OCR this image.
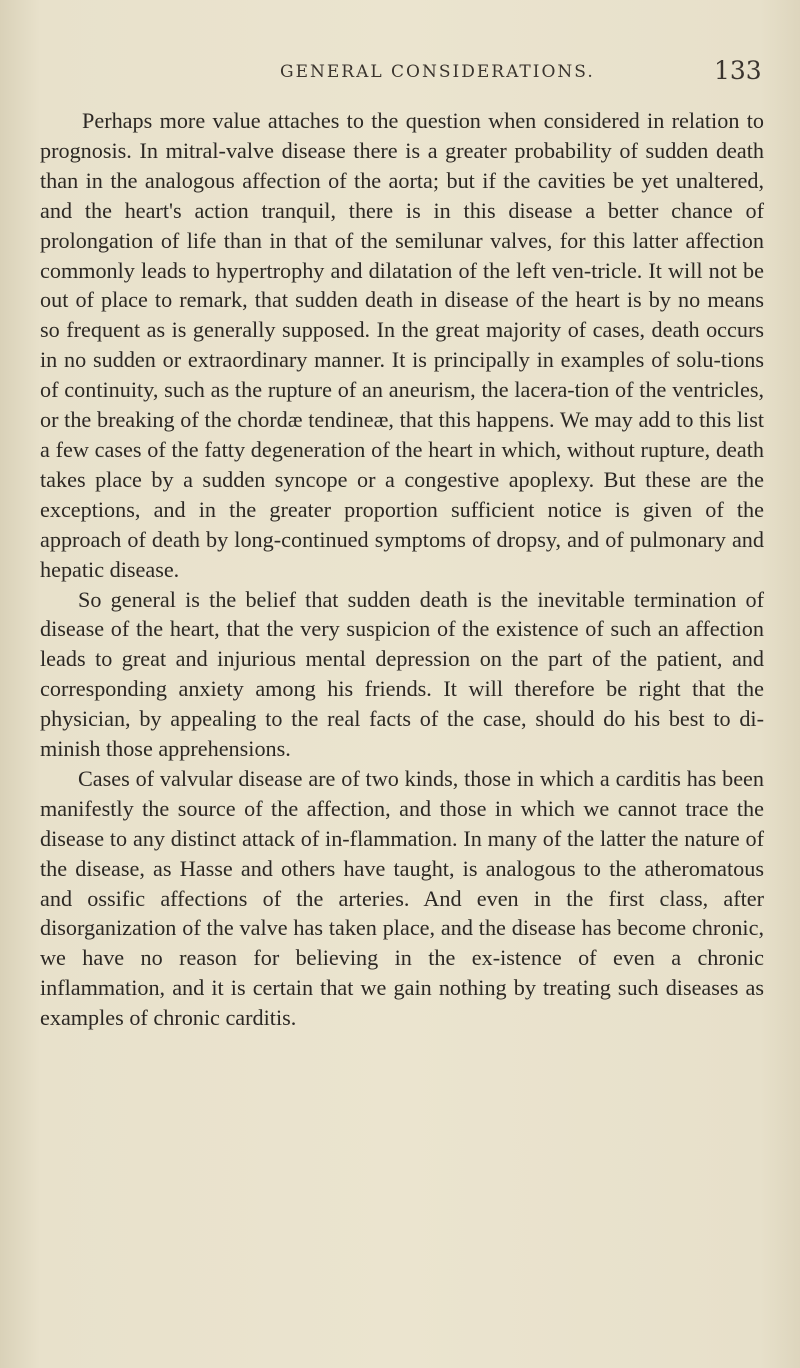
GENERAL CONSIDERATIONS.	133

Perhaps more value attaches to the question when considered in relation to prognosis. In mitral-valve disease there is a greater probability of sudden death than in the analogous affection of the aorta; but if the cavities be yet unaltered, and the heart's action tranquil, there is in this disease a better chance of prolongation of life than in that of the semilunar valves, for this latter affection commonly leads to hypertrophy and dilatation of the left ven-tricle. It will not be out of place to remark, that sudden death in disease of the heart is by no means so frequent as is generally supposed. In the great majority of cases, death occurs in no sudden or extraordinary manner. It is principally in examples of solu-tions of continuity, such as the rupture of an aneurism, the lacera-tion of the ventricles, or the breaking of the chordæ tendineæ, that this happens. We may add to this list a few cases of the fatty degeneration of the heart in which, without rupture, death takes place by a sudden syncope or a congestive apoplexy. But these are the exceptions, and in the greater proportion sufficient notice is given of the approach of death by long-continued symptoms of dropsy, and of pulmonary and hepatic disease.

So general is the belief that sudden death is the inevitable termination of disease of the heart, that the very suspicion of the existence of such an affection leads to great and injurious mental depression on the part of the patient, and corresponding anxiety among his friends. It will therefore be right that the physician, by appealing to the real facts of the case, should do his best to di-minish those apprehensions.

Cases of valvular disease are of two kinds, those in which a carditis has been manifestly the source of the affection, and those in which we cannot trace the disease to any distinct attack of in-flammation. In many of the latter the nature of the disease, as Hasse and others have taught, is analogous to the atheromatous and ossific affections of the arteries. And even in the first class, after disorganization of the valve has taken place, and the disease has become chronic, we have no reason for believing in the ex-istence of even a chronic inflammation, and it is certain that we gain nothing by treating such diseases as examples of chronic carditis.
